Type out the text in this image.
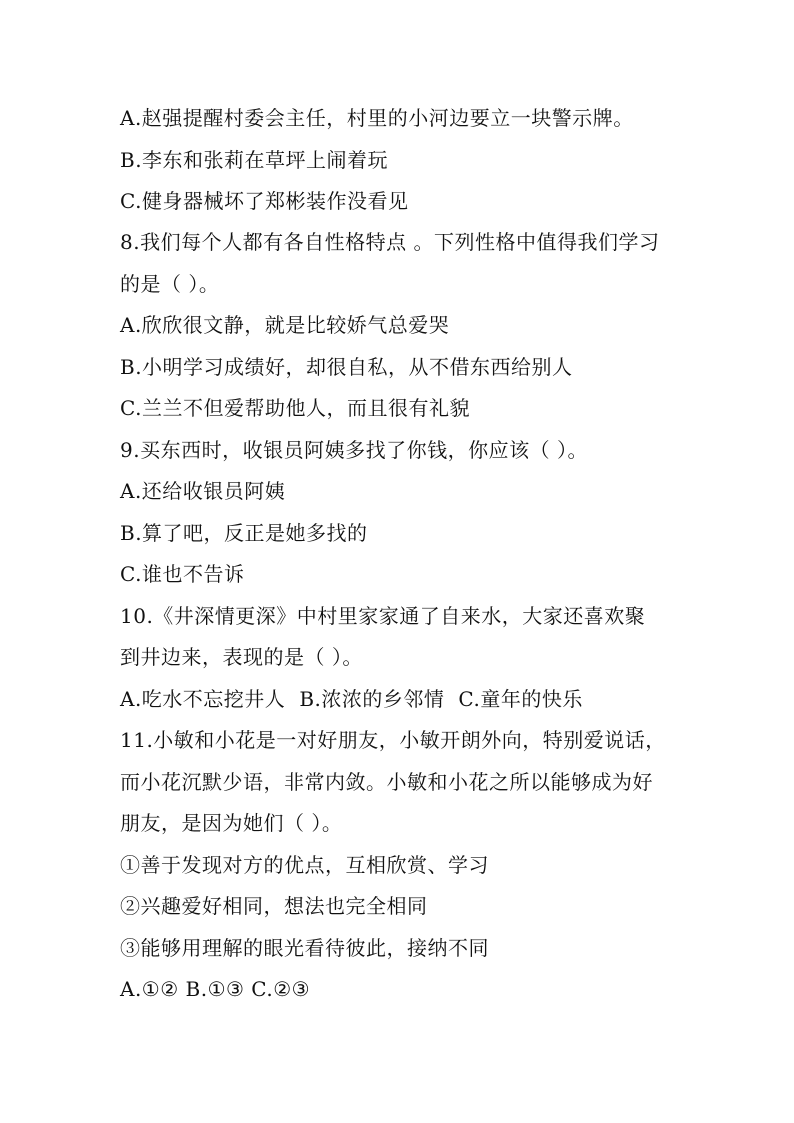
A.赵强提醒村委会主任，村里的小河边要立一块警示牌。
B.李东和张莉在草坪上闹着玩
C.健身器械坏了郑彬装作没看见
8.我们每个人都有各自性格特点 。下列性格中值得我们学习
的是（ ）。
A.欣欣很文静，就是比较娇气总爱哭
B.小明学习成绩好，却很自私，从不借东西给别人
C.兰兰不但爱帮助他人，而且很有礼貌
9.买东西时，收银员阿姨多找了你钱，你应该（ ）。
A.还给收银员阿姨
B.算了吧，反正是她多找的
C.谁也不告诉
10.《井深情更深》中村里家家通了自来水，大家还喜欢聚
到井边来，表现的是（ ）。
A.吃水不忘挖井人 B.浓浓的乡邻情 C.童年的快乐
11.小敏和小花是一对好朋友，小敏开朗外向，特别爱说话，
而小花沉默少语，非常内敛。小敏和小花之所以能够成为好
朋友，是因为她们（ ）。
①善于发现对方的优点，互相欣赏、学习
②兴趣爱好相同，想法也完全相同
③能够用理解的眼光看待彼此，接纳不同
A.①② B.①③ C.②③
